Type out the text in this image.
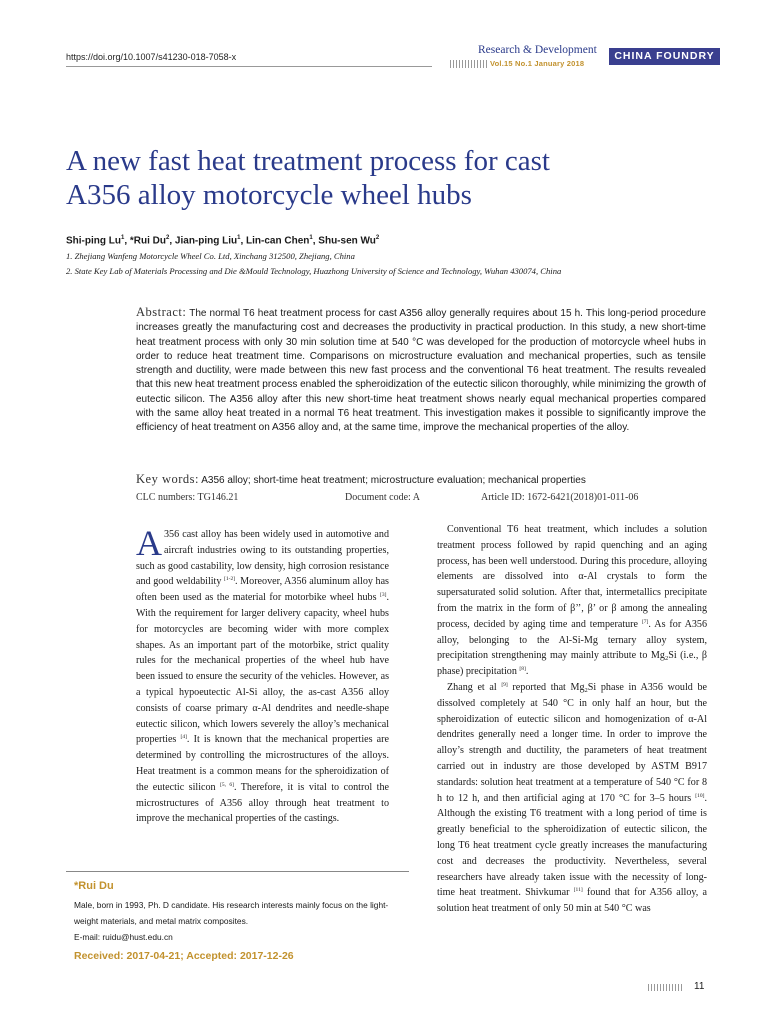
https://doi.org/10.1007/s41230-018-7058-x
Research & Development
Vol.15 No.1 January 2018
CHINA FOUNDRY
A new fast heat treatment process for cast
A356 alloy motorcycle wheel hubs
Shi-ping Lu$^1$, *Rui Du$^2$, Jian-ping Liu$^1$, Lin-can Chen$^1$, Shu-sen Wu$^2$
1. Zhejiang Wanfeng Motorcycle Wheel Co. Ltd, Xinchang 312500, Zhejiang, China
2. State Key Lab of Materials Processing and Die &Mould Technology, Huazhong University of Science and Technology, Wuhan 430074, China
Abstract: The normal T6 heat treatment process for cast A356 alloy generally requires about 15 h. This long-period procedure increases greatly the manufacturing cost and decreases the productivity in practical production. In this study, a new short-time heat treatment process with only 30 min solution time at 540 °C was developed for the production of motorcycle wheel hubs in order to reduce heat treatment time. Comparisons on microstructure evaluation and mechanical properties, such as tensile strength and ductility, were made between this new fast process and the conventional T6 heat treatment. The results revealed that this new heat treatment process enabled the spheroidization of the eutectic silicon thoroughly, while minimizing the growth of eutectic silicon. The A356 alloy after this new short-time heat treatment shows nearly equal mechanical properties compared with the same alloy heat treated in a normal T6 heat treatment. This investigation makes it possible to significantly improve the efficiency of heat treatment on A356 alloy and, at the same time, improve the mechanical properties of the alloy.
Key words: A356 alloy; short-time heat treatment; microstructure evaluation; mechanical properties
CLC numbers: TG146.21	Document code: A	Article ID: 1672-6421(2018)01-011-06

A 356 cast alloy has been widely used in automotive and aircraft industries owing to its outstanding properties, such as good castability, low density, high corrosion resistance and good weldability [1-2]. Moreover, A356 aluminum alloy has often been used as the material for motorbike wheel hubs [3]. With the requirement for larger delivery capacity, wheel hubs for motorcycles are becoming wider with more complex shapes. As an important part of the motorbike, strict quality rules for the mechanical properties of the wheel hub have been issued to ensure the security of the vehicles. However, as a typical hypoeutectic Al-Si alloy, the as-cast A356 alloy consists of coarse primary α-Al dendrites and needle-shape eutectic silicon, which lowers severely the alloy’s mechanical properties [4]. It is known that the mechanical properties are determined by controlling the microstructures of the alloys. Heat treatment is a common means for the spheroidization of the eutectic silicon [5, 6]. Therefore, it is vital to control the microstructures of A356 alloy through heat treatment to improve the mechanical properties of the castings.

Conventional T6 heat treatment, which includes a solution treatment process followed by rapid quenching and an aging process, has been well understood. During this procedure, alloying elements are dissolved into α-Al crystals to form the supersaturated solid solution. After that, intermetallics precipitate from the matrix in the form of β’’, β’ or β among the annealing process, decided by aging time and temperature [7]. As for A356 alloy, belonging to the Al-Si-Mg ternary alloy system, precipitation strengthening may mainly attribute to $Mg_2Si$ (i.e., β phase) precipitation [8].

Zhang et al [9] reported that $Mg_2Si$ phase in A356 would be dissolved completely at 540 °C in only half an hour, but the spheroidization of eutectic silicon and homogenization of α-Al dendrites generally need a longer time. In order to improve the alloy’s strength and ductility, the parameters of heat treatment carried out in industry are those developed by ASTM B917 standards: solution heat treatment at a temperature of 540 °C for 8 h to 12 h, and then artificial aging at 170 °C for 3–5 hours [10]. Although the existing T6 treatment with a long period of time is greatly beneficial to the spheroidization of eutectic silicon, the long T6 heat treatment cycle greatly increases the manufacturing cost and decreases the productivity. Nevertheless, several researchers have already taken issue with the necessity of long-time heat treatment. Shivkumar [11] found that for A356 alloy, a solution heat treatment of only 50 min at 540 °C was

*Rui Du
Male, born in 1993, Ph. D candidate. His research interests mainly focus on the light-weight materials, and metal matrix composites.
E-mail: ruidu@hust.edu.cn
Received: 2017-04-21; Accepted: 2017-12-26
11
